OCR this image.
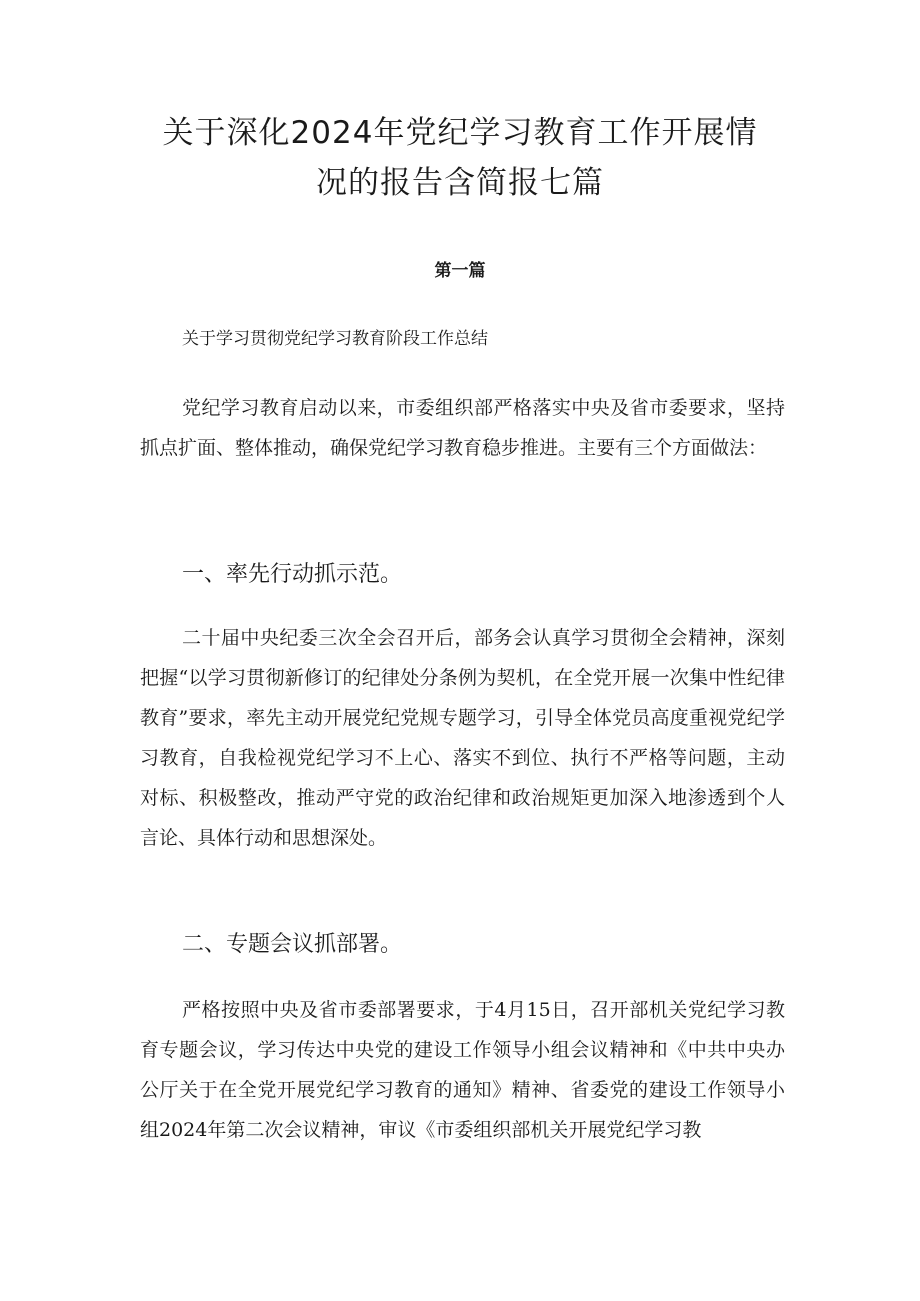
关于深化2024年党纪学习教育工作开展情
况的报告含简报七篇
第一篇
关于学习贯彻党纪学习教育阶段工作总结

党纪学习教育启动以来，市委组织部严格落实中央及省市委要求，坚持抓点扩面、整体推动，确保党纪学习教育稳步推进。主要有三个方面做法：

一、率先行动抓示范。

二十届中央纪委三次全会召开后，部务会认真学习贯彻全会精神，深刻把握“以学习贯彻新修订的纪律处分条例为契机，在全党开展一次集中性纪律教育”要求，率先主动开展党纪党规专题学习，引导全体党员高度重视党纪学习教育，自我检视党纪学习不上心、落实不到位、执行不严格等问题，主动对标、积极整改，推动严守党的政治纪律和政治规矩更加深入地渗透到个人言论、具体行动和思想深处。

二、专题会议抓部署。

严格按照中央及省市委部署要求，于4月15日，召开部机关党纪学习教育专题会议，学习传达中央党的建设工作领导小组会议精神和《中共中央办公厅关于在全党开展党纪学习教育的通知》精神、省委党的建设工作领导小组2024年第二次会议精神，审议《市委组织部机关开展党纪学习教
